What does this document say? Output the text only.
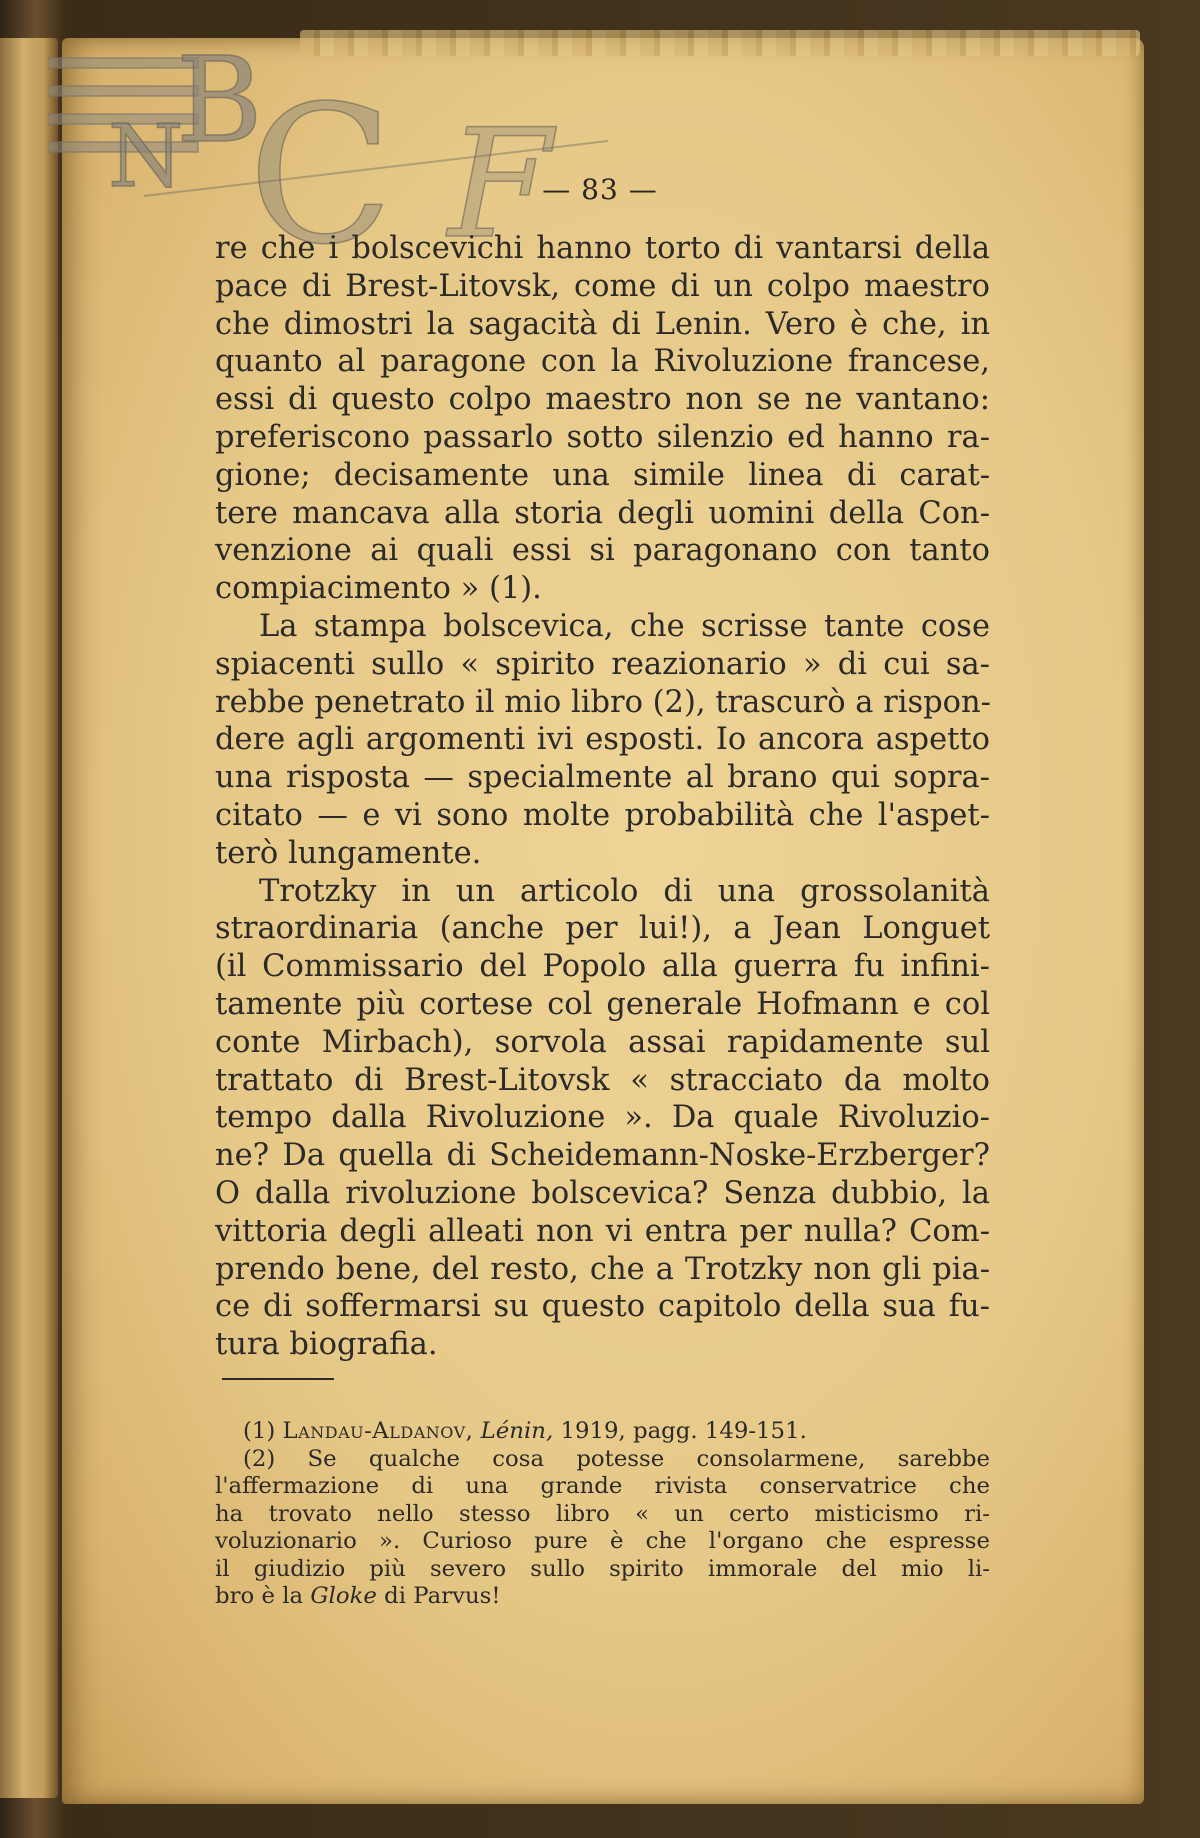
B
N C F
— 83 —

re che i bolscevichi hanno torto di vantarsi della
pace di Brest-Litovsk, come di un colpo maestro
che dimostri la sagacità di Lenin. Vero è che, in
quanto al paragone con la Rivoluzione francese,
essi di questo colpo maestro non se ne vantano:
preferiscono passarlo sotto silenzio ed hanno ra-
gione; decisamente una simile linea di carat-
tere mancava alla storia degli uomini della Con-
venzione ai quali essi si paragonano con tanto
compiacimento » (1).

La stampa bolscevica, che scrisse tante cose
spiacenti sullo « spirito reazionario » di cui sa-
rebbe penetrato il mio libro (2), trascurò a rispon-
dere agli argomenti ivi esposti. Io ancora aspetto
una risposta — specialmente al brano qui sopra-
citato — e vi sono molte probabilità che l'aspet-
terò lungamente.

Trotzky in un articolo di una grossolanità
straordinaria (anche per lui!), a Jean Longuet
(il Commissario del Popolo alla guerra fu infini-
tamente più cortese col generale Hofmann e col
conte Mirbach), sorvola assai rapidamente sul
trattato di Brest-Litovsk « stracciato da molto
tempo dalla Rivoluzione ». Da quale Rivoluzio-
ne? Da quella di Scheidemann-Noske-Erzberger?
O dalla rivoluzione bolscevica? Senza dubbio, la
vittoria degli alleati non vi entra per nulla? Com-
prendo bene, del resto, che a Trotzky non gli pia-
ce di soffermarsi su questo capitolo della sua fu-
tura biografia.

(1) Landau-Aldanov, Lénin, 1919, pagg. 149-151.

(2) Se qualche cosa potesse consolarmene, sarebbe
l'affermazione di una grande rivista conservatrice che
ha trovato nello stesso libro « un certo misticismo ri-
voluzionario ». Curioso pure è che l'organo che espresse
il giudizio più severo sullo spirito immorale del mio li-
bro è la Gloke di Parvus!
